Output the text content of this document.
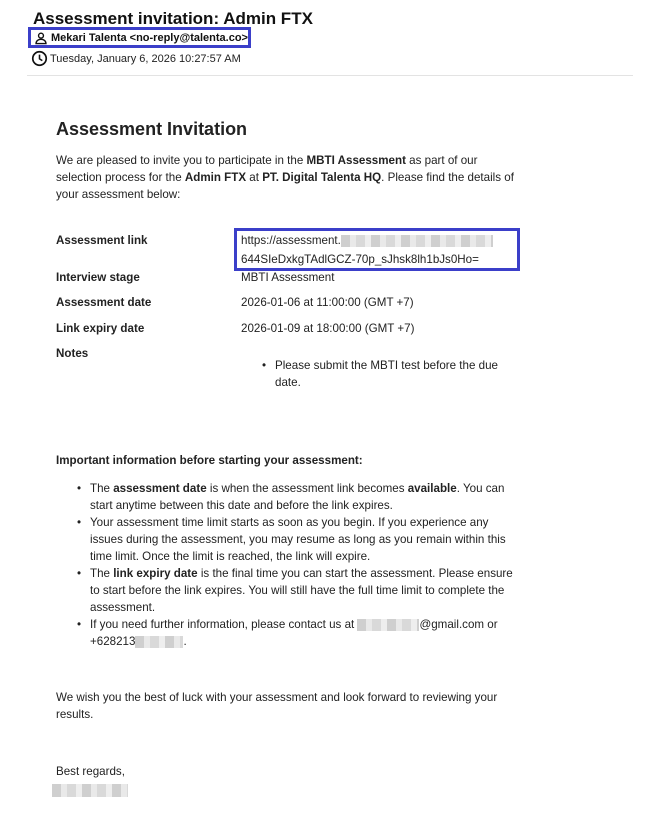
Assessment invitation: Admin FTX
Mekari Talenta <no-reply@talenta.co>
Tuesday, January 6, 2026 10:27:57 AM
Assessment Invitation
We are pleased to invite you to participate in the MBTI Assessment as part of our selection process for the Admin FTX at PT. Digital Talenta HQ. Please find the details of your assessment below:
Assessment link	https://assessment.
644SIeDxkgTAdlGCZ-70p_sJhsk8lh1bJs0Ho=
Interview stage	MBTI Assessment
Assessment date	2026-01-06 at 11:00:00 (GMT +7)
Link expiry date	2026-01-09 at 18:00:00 (GMT +7)
Notes
• Please submit the MBTI test before the due date.
Important information before starting your assessment:
• The assessment date is when the assessment link becomes available. You can start anytime between this date and before the link expires.
• Your assessment time limit starts as soon as you begin. If you experience any issues during the assessment, you may resume as long as you remain within this time limit. Once the limit is reached, the link will expire.
• The link expiry date is the final time you can start the assessment. Please ensure to start before the link expires. You will still have the full time limit to complete the assessment.
• If you need further information, please contact us at	@gmail.com or
+628213	.
We wish you the best of luck with your assessment and look forward to reviewing your results.
Best regards,
